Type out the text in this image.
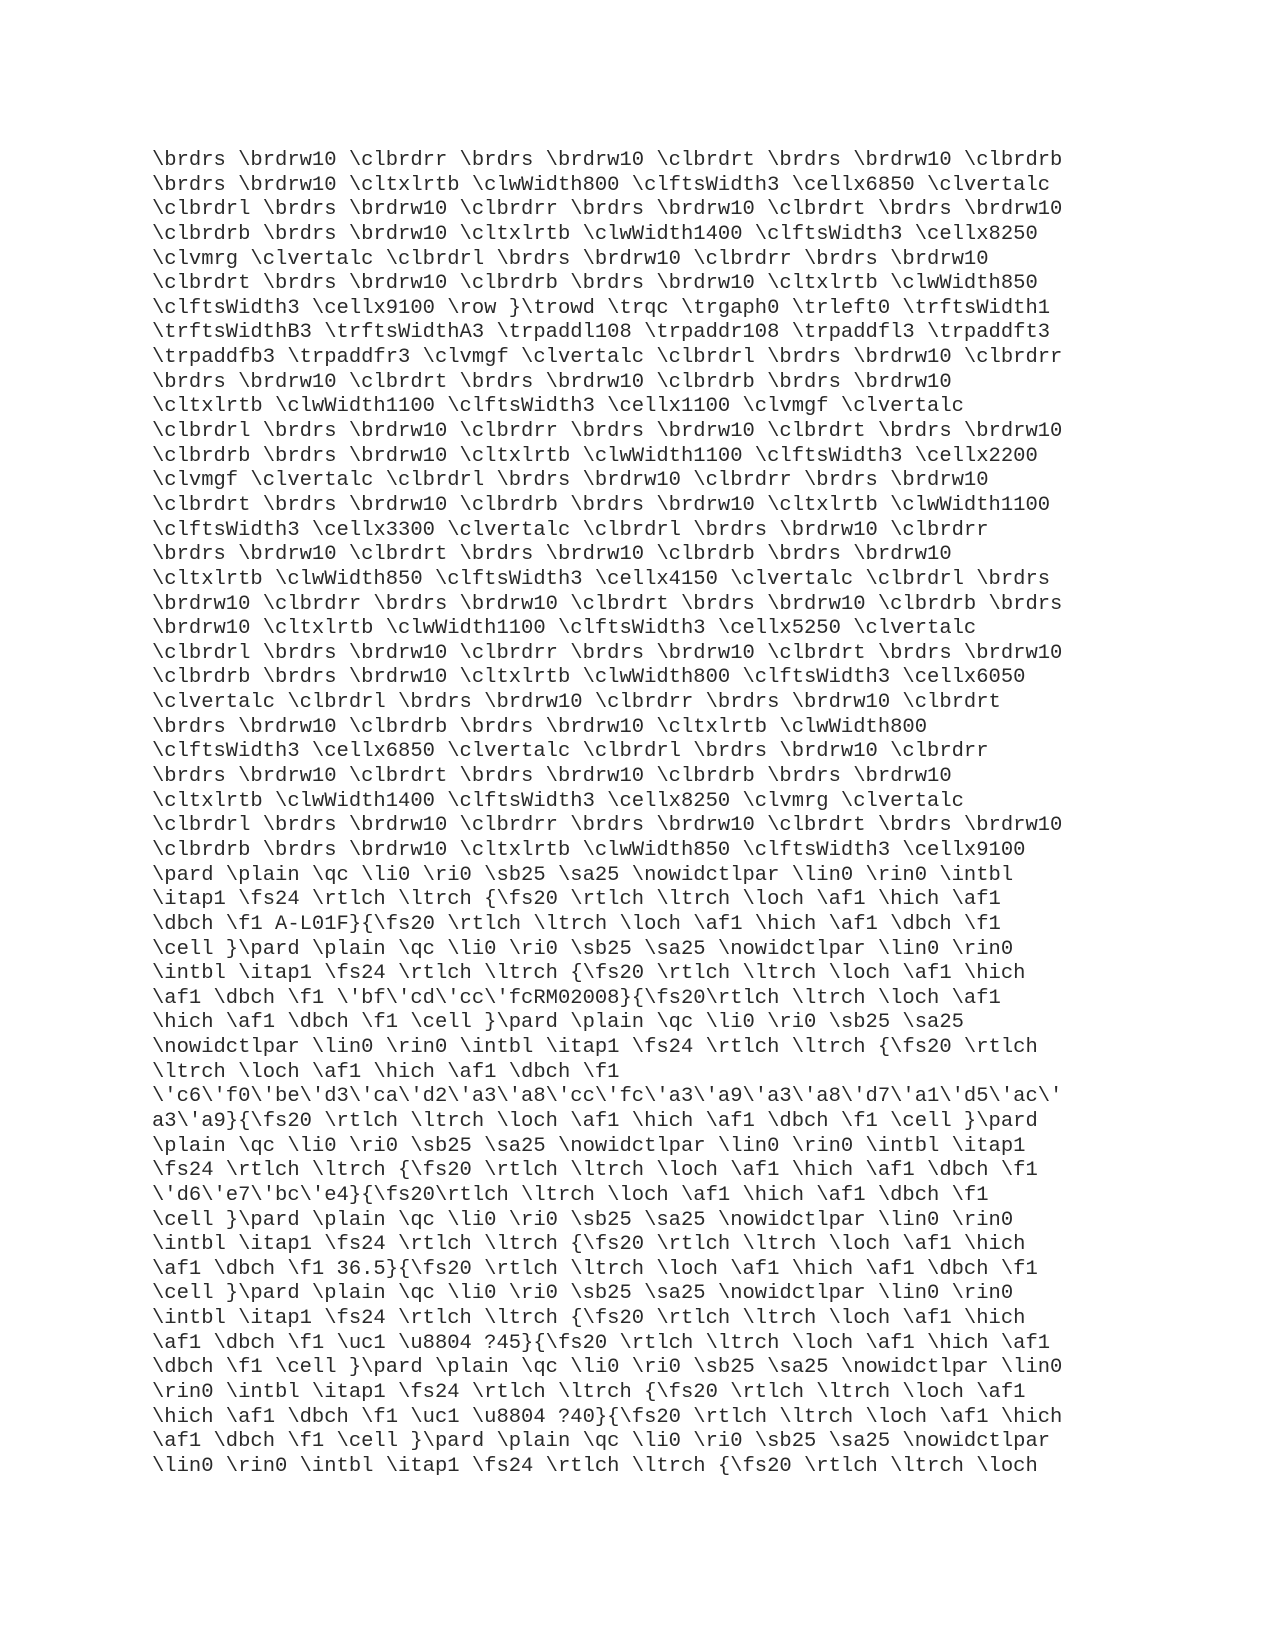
\brdrs \brdrw10 \clbrdrr \brdrs \brdrw10 \clbrdrt \brdrs \brdrw10 \clbrdrb
\brdrs \brdrw10 \cltxlrtb \clwWidth800 \clftsWidth3 \cellx6850 \clvertalc
\clbrdrl \brdrs \brdrw10 \clbrdrr \brdrs \brdrw10 \clbrdrt \brdrs \brdrw10
\clbrdrb \brdrs \brdrw10 \cltxlrtb \clwWidth1400 \clftsWidth3 \cellx8250
\clvmrg \clvertalc \clbrdrl \brdrs \brdrw10 \clbrdrr \brdrs \brdrw10
\clbrdrt \brdrs \brdrw10 \clbrdrb \brdrs \brdrw10 \cltxlrtb \clwWidth850
\clftsWidth3 \cellx9100 \row }\trowd \trqc \trgaph0 \trleft0 \trftsWidth1
\trftsWidthB3 \trftsWidthA3 \trpaddl108 \trpaddr108 \trpaddfl3 \trpaddft3
\trpaddfb3 \trpaddfr3 \clvmgf \clvertalc \clbrdrl \brdrs \brdrw10 \clbrdrr
\brdrs \brdrw10 \clbrdrt \brdrs \brdrw10 \clbrdrb \brdrs \brdrw10
\cltxlrtb \clwWidth1100 \clftsWidth3 \cellx1100 \clvmgf \clvertalc
\clbrdrl \brdrs \brdrw10 \clbrdrr \brdrs \brdrw10 \clbrdrt \brdrs \brdrw10
\clbrdrb \brdrs \brdrw10 \cltxlrtb \clwWidth1100 \clftsWidth3 \cellx2200
\clvmgf \clvertalc \clbrdrl \brdrs \brdrw10 \clbrdrr \brdrs \brdrw10
\clbrdrt \brdrs \brdrw10 \clbrdrb \brdrs \brdrw10 \cltxlrtb \clwWidth1100
\clftsWidth3 \cellx3300 \clvertalc \clbrdrl \brdrs \brdrw10 \clbrdrr
\brdrs \brdrw10 \clbrdrt \brdrs \brdrw10 \clbrdrb \brdrs \brdrw10
\cltxlrtb \clwWidth850 \clftsWidth3 \cellx4150 \clvertalc \clbrdrl \brdrs
\brdrw10 \clbrdrr \brdrs \brdrw10 \clbrdrt \brdrs \brdrw10 \clbrdrb \brdrs
\brdrw10 \cltxlrtb \clwWidth1100 \clftsWidth3 \cellx5250 \clvertalc
\clbrdrl \brdrs \brdrw10 \clbrdrr \brdrs \brdrw10 \clbrdrt \brdrs \brdrw10
\clbrdrb \brdrs \brdrw10 \cltxlrtb \clwWidth800 \clftsWidth3 \cellx6050
\clvertalc \clbrdrl \brdrs \brdrw10 \clbrdrr \brdrs \brdrw10 \clbrdrt
\brdrs \brdrw10 \clbrdrb \brdrs \brdrw10 \cltxlrtb \clwWidth800
\clftsWidth3 \cellx6850 \clvertalc \clbrdrl \brdrs \brdrw10 \clbrdrr
\brdrs \brdrw10 \clbrdrt \brdrs \brdrw10 \clbrdrb \brdrs \brdrw10
\cltxlrtb \clwWidth1400 \clftsWidth3 \cellx8250 \clvmrg \clvertalc
\clbrdrl \brdrs \brdrw10 \clbrdrr \brdrs \brdrw10 \clbrdrt \brdrs \brdrw10
\clbrdrb \brdrs \brdrw10 \cltxlrtb \clwWidth850 \clftsWidth3 \cellx9100
\pard \plain \qc \li0 \ri0 \sb25 \sa25 \nowidctlpar \lin0 \rin0 \intbl
\itap1 \fs24 \rtlch \ltrch {\fs20 \rtlch \ltrch \loch \af1 \hich \af1
\dbch \f1 A-L01F}{\fs20 \rtlch \ltrch \loch \af1 \hich \af1 \dbch \f1
\cell }\pard \plain \qc \li0 \ri0 \sb25 \sa25 \nowidctlpar \lin0 \rin0
\intbl \itap1 \fs24 \rtlch \ltrch {\fs20 \rtlch \ltrch \loch \af1 \hich
\af1 \dbch \f1 \'bf\'cd\'cc\'fcRM02008}{\fs20\rtlch \ltrch \loch \af1
\hich \af1 \dbch \f1 \cell }\pard \plain \qc \li0 \ri0 \sb25 \sa25
\nowidctlpar \lin0 \rin0 \intbl \itap1 \fs24 \rtlch \ltrch {\fs20 \rtlch
\ltrch \loch \af1 \hich \af1 \dbch \f1
\'c6\'f0\'be\'d3\'ca\'d2\'a3\'a8\'cc\'fc\'a3\'a9\'a3\'a8\'d7\'a1\'d5\'ac\'
a3\'a9}{\fs20 \rtlch \ltrch \loch \af1 \hich \af1 \dbch \f1 \cell }\pard
\plain \qc \li0 \ri0 \sb25 \sa25 \nowidctlpar \lin0 \rin0 \intbl \itap1
\fs24 \rtlch \ltrch {\fs20 \rtlch \ltrch \loch \af1 \hich \af1 \dbch \f1
\'d6\'e7\'bc\'e4}{\fs20\rtlch \ltrch \loch \af1 \hich \af1 \dbch \f1
\cell }\pard \plain \qc \li0 \ri0 \sb25 \sa25 \nowidctlpar \lin0 \rin0
\intbl \itap1 \fs24 \rtlch \ltrch {\fs20 \rtlch \ltrch \loch \af1 \hich
\af1 \dbch \f1 36.5}{\fs20 \rtlch \ltrch \loch \af1 \hich \af1 \dbch \f1
\cell }\pard \plain \qc \li0 \ri0 \sb25 \sa25 \nowidctlpar \lin0 \rin0
\intbl \itap1 \fs24 \rtlch \ltrch {\fs20 \rtlch \ltrch \loch \af1 \hich
\af1 \dbch \f1 \uc1 \u8804 ?45}{\fs20 \rtlch \ltrch \loch \af1 \hich \af1
\dbch \f1 \cell }\pard \plain \qc \li0 \ri0 \sb25 \sa25 \nowidctlpar \lin0
\rin0 \intbl \itap1 \fs24 \rtlch \ltrch {\fs20 \rtlch \ltrch \loch \af1
\hich \af1 \dbch \f1 \uc1 \u8804 ?40}{\fs20 \rtlch \ltrch \loch \af1 \hich
\af1 \dbch \f1 \cell }\pard \plain \qc \li0 \ri0 \sb25 \sa25 \nowidctlpar
\lin0 \rin0 \intbl \itap1 \fs24 \rtlch \ltrch {\fs20 \rtlch \ltrch \loch
